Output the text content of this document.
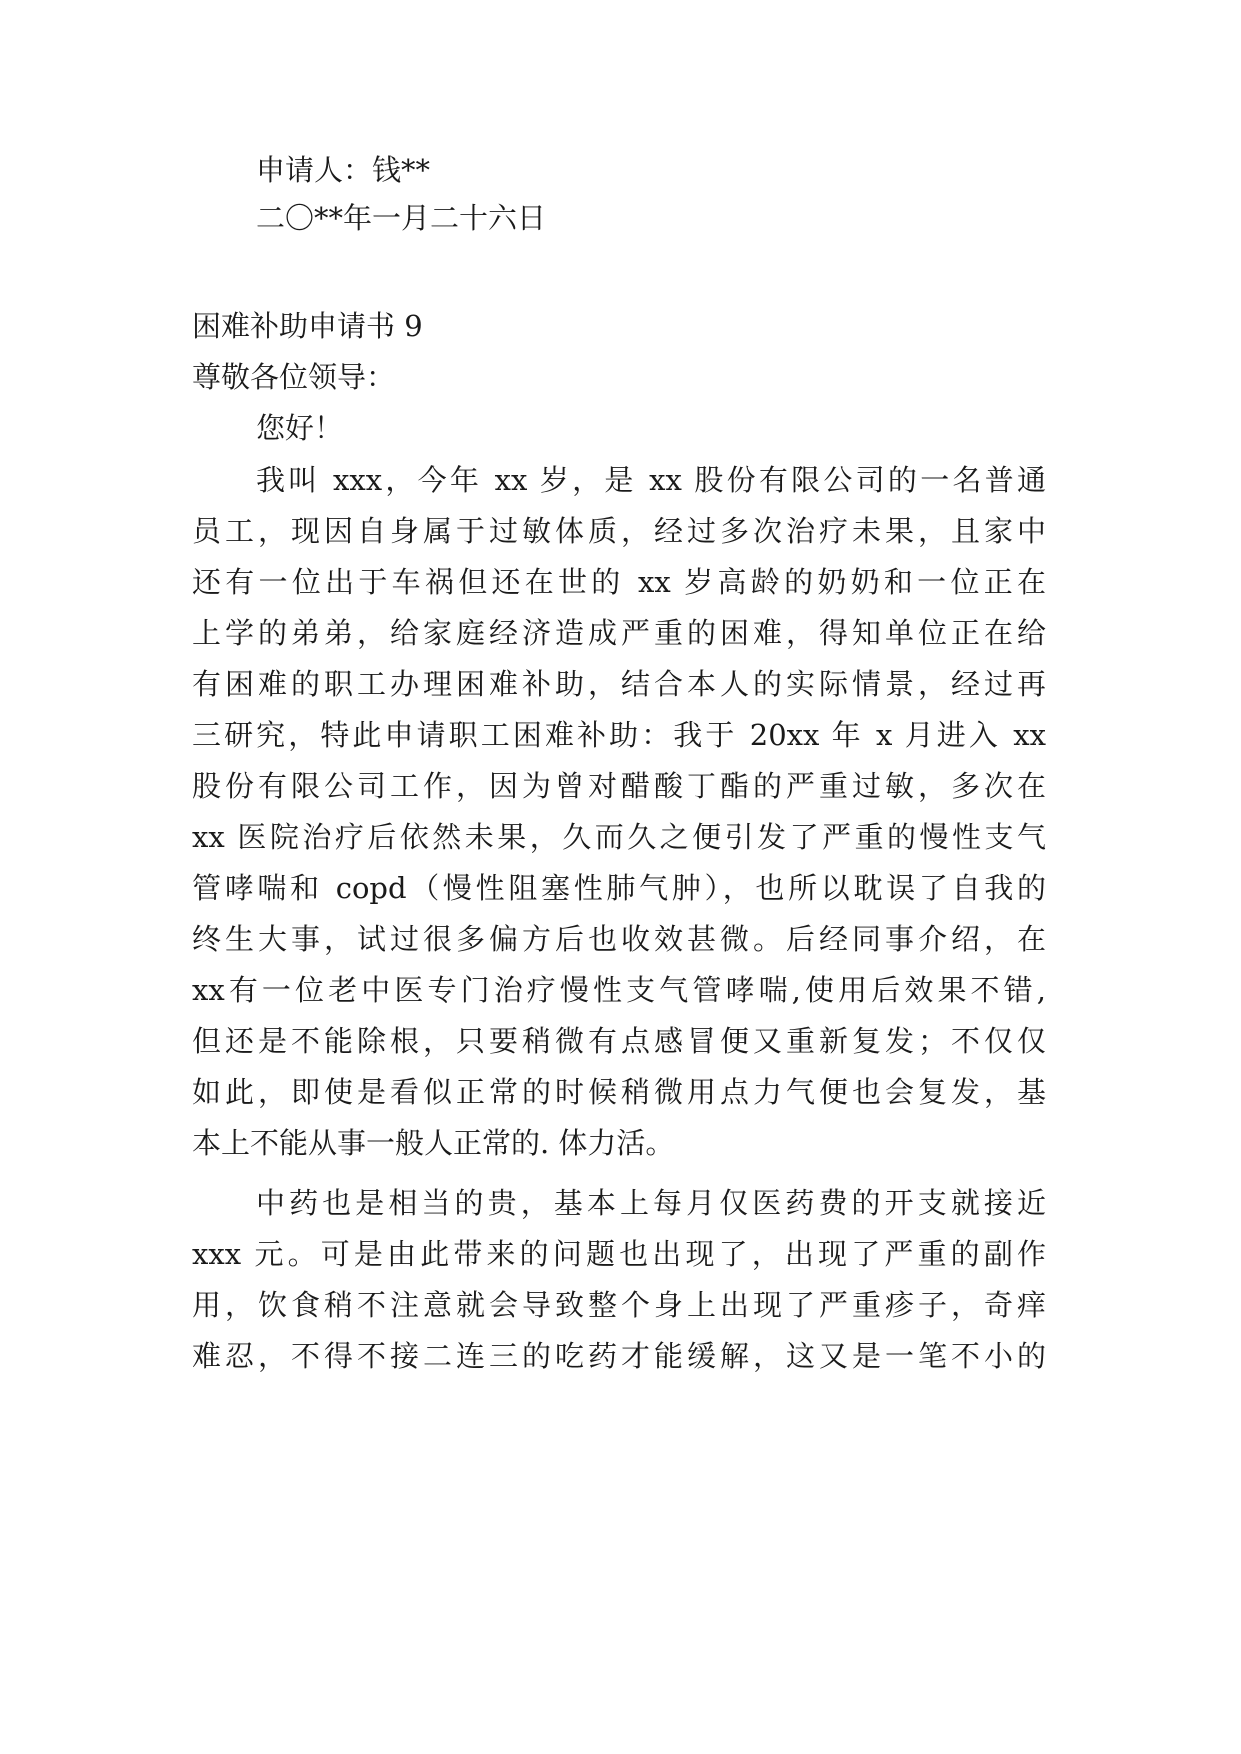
申请人：钱**

二〇**年一月二十六日

困难补助申请书 9

尊敬各位领导：

您好！

我叫 xxx，今年 xx 岁，是 xx 股份有限公司的一名普通

员工，现因自身属于过敏体质，经过多次治疗未果，且家中

还有一位出于车祸但还在世的 xx 岁高龄的奶奶和一位正在

上学的弟弟，给家庭经济造成严重的困难，得知单位正在给

有困难的职工办理困难补助，结合本人的实际情景，经过再

三研究，特此申请职工困难补助：我于 20xx 年 x 月进入 xx

股份有限公司工作，因为曾对醋酸丁酯的严重过敏，多次在

xx 医院治疗后依然未果，久而久之便引发了严重的慢性支气

管哮喘和 copd（慢性阻塞性肺气肿），也所以耽误了自我的

终生大事，试过很多偏方后也收效甚微。后经同事介绍，在

xx有一位老中医专门治疗慢性支气管哮喘,使用后效果不错,

但还是不能除根，只要稍微有点感冒便又重新复发；不仅仅

如此，即使是看似正常的时候稍微用点力气便也会复发，基

本上不能从事一般人正常的. 体力活。

中药也是相当的贵，基本上每月仅医药费的开支就接近

xxx 元。可是由此带来的问题也出现了，出现了严重的副作

用，饮食稍不注意就会导致整个身上出现了严重疹子，奇痒

难忍，不得不接二连三的吃药才能缓解，这又是一笔不小的
